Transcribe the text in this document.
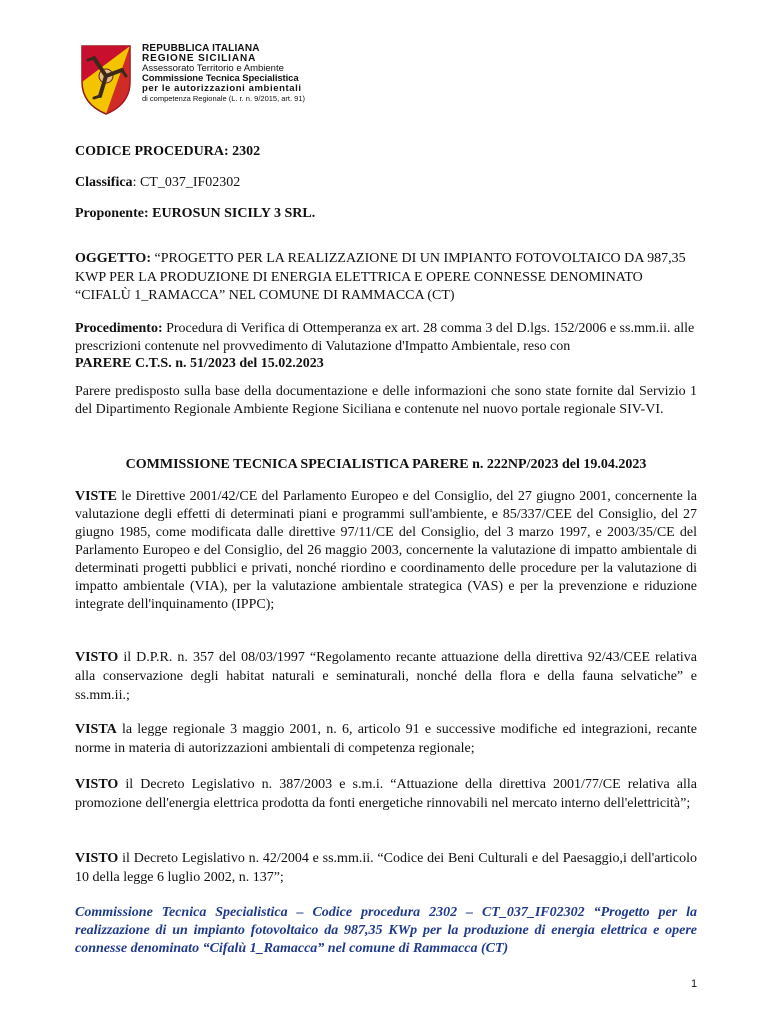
REPUBBLICA ITALIANA
REGIONE SICILIANA
Assessorato Territorio e Ambiente
Commissione Tecnica Specialistica
per le autorizzazioni ambientali
di competenza Regionale (L. r. n. 9/2015, art. 91)
CODICE PROCEDURA: 2302
Classifica: CT_037_IF02302
Proponente: EUROSUN SICILY 3 SRL.
OGGETTO: “PROGETTO PER LA REALIZZAZIONE DI UN IMPIANTO FOTOVOLTAICO DA 987,35 KWP PER LA PRODUZIONE DI ENERGIA ELETTRICA E OPERE CONNESSE DENOMINATO “CIFALÙ 1_RAMACCA” NEL COMUNE DI RAMMACCA (CT)
Procedimento: Procedura di Verifica di Ottemperanza ex art. 28 comma 3 del D.lgs. 152/2006 e ss.mm.ii. alle prescrizioni contenute nel provvedimento di Valutazione d'Impatto Ambientale, reso con
PARERE C.T.S. n. 51/2023 del 15.02.2023
Parere predisposto sulla base della documentazione e delle informazioni che sono state fornite dal Servizio 1 del Dipartimento Regionale Ambiente Regione Siciliana e contenute nel nuovo portale regionale SIV-VI.
COMMISSIONE TECNICA SPECIALISTICA PARERE n. 222NP/2023 del 19.04.2023
VISTE le Direttive 2001/42/CE del Parlamento Europeo e del Consiglio, del 27 giugno 2001, concernente la valutazione degli effetti di determinati piani e programmi sull'ambiente, e 85/337/CEE del Consiglio, del 27 giugno 1985, come modificata dalle direttive 97/11/CE del Consiglio, del 3 marzo 1997, e 2003/35/CE del Parlamento Europeo e del Consiglio, del 26 maggio 2003, concernente la valutazione di impatto ambientale di determinati progetti pubblici e privati, nonché riordino e coordinamento delle procedure per la valutazione di impatto ambientale (VIA), per la valutazione ambientale strategica (VAS) e per la prevenzione e riduzione integrate dell'inquinamento (IPPC);
VISTO il D.P.R. n. 357 del 08/03/1997 “Regolamento recante attuazione della direttiva 92/43/CEE relativa alla conservazione degli habitat naturali e seminaturali, nonché della flora e della fauna selvatiche” e ss.mm.ii.;
VISTA la legge regionale 3 maggio 2001, n. 6, articolo 91 e successive modifiche ed integrazioni, recante norme in materia di autorizzazioni ambientali di competenza regionale;
VISTO il Decreto Legislativo n. 387/2003 e s.m.i. “Attuazione della direttiva 2001/77/CE relativa alla promozione dell'energia elettrica prodotta da fonti energetiche rinnovabili nel mercato interno dell'elettricità”;
VISTO il Decreto Legislativo n. 42/2004 e ss.mm.ii. “Codice dei Beni Culturali e del Paesaggio,i dell'articolo 10 della legge 6 luglio 2002, n. 137”;
Commissione Tecnica Specialistica – Codice procedura 2302 – CT_037_IF02302 “Progetto per la realizzazione di un impianto fotovoltaico da 987,35 KWp per la produzione di energia elettrica e opere connesse denominato “Cifalù 1_Ramacca” nel comune di Rammacca (CT)
1
